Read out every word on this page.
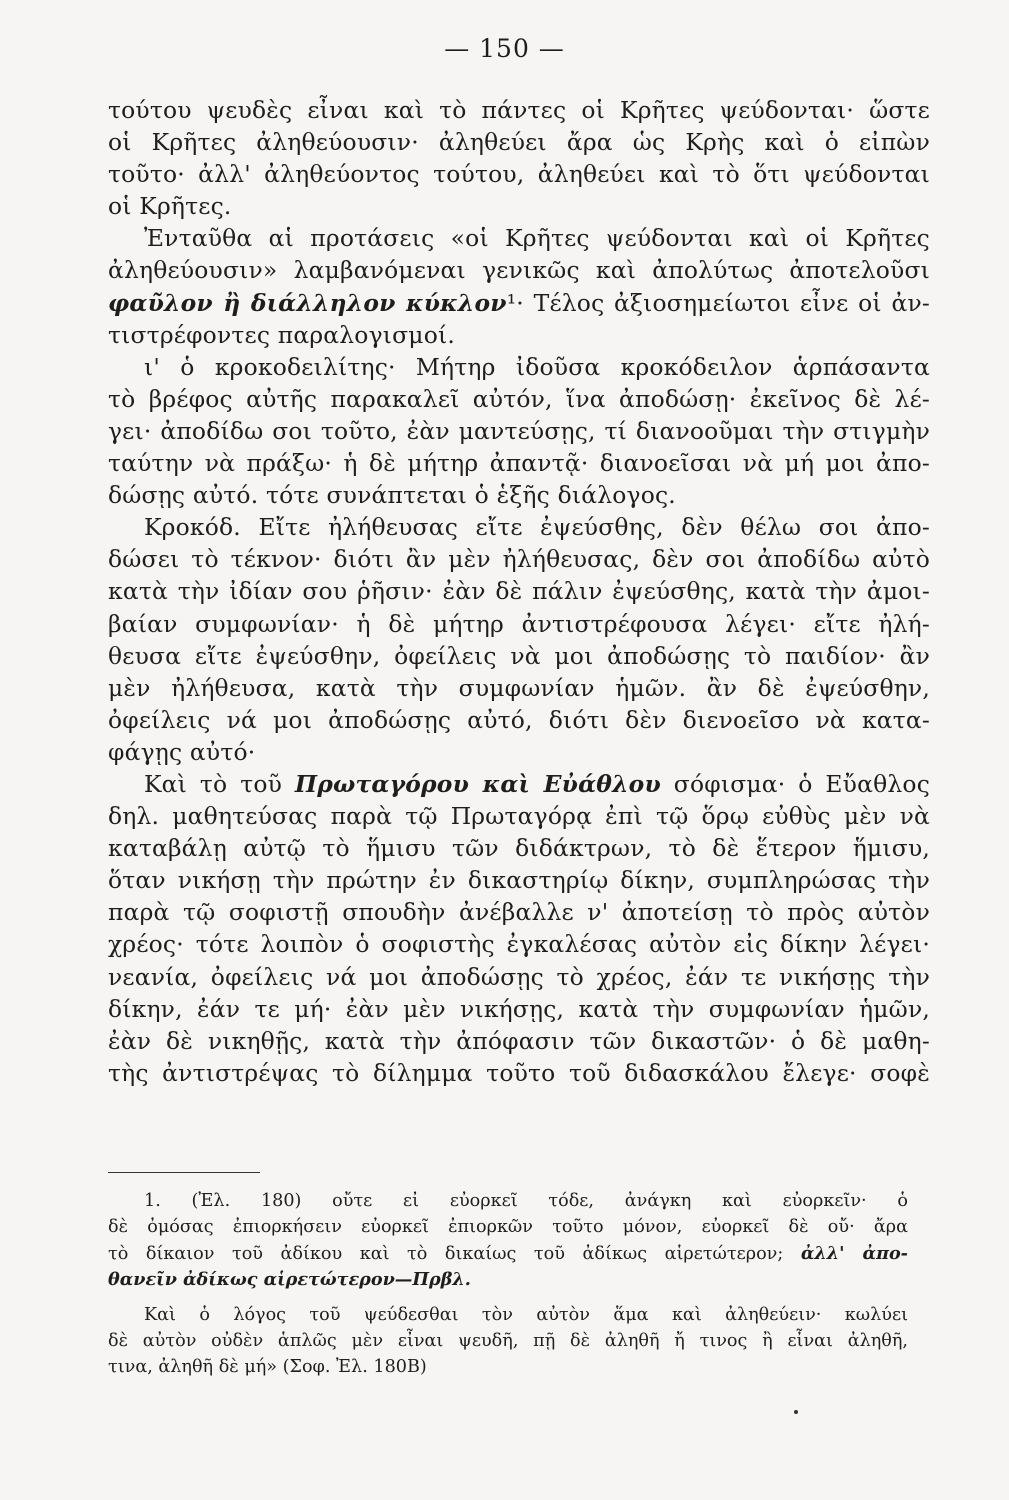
— 150 —
τούτου ψευδὲς εἶναι καὶ τὸ πάντες οἱ Κρῆτες ψεύδονται· ὥστε
οἱ Κρῆτες ἀληθεύουσιν· ἀληθεύει ἄρα ὡς Κρὴς καὶ ὁ εἰπὼν
τοῦτο· ἀλλ' ἀληθεύοντος τούτου, ἀληθεύει καὶ τὸ ὅτι ψεύδονται
οἱ Κρῆτες.
Ἐνταῦθα αἱ προτάσεις «οἱ Κρῆτες ψεύδονται καὶ οἱ Κρῆτες
ἀληθεύουσιν» λαμβανόμεναι γενικῶς καὶ ἀπολύτως ἀποτελοῦσι
φαῦλον ἢ διάλληλον κύκλον¹· Τέλος ἀξιοσημείωτοι εἶνε οἱ ἀν-
τιστρέφοντες παραλογισμοί.
ι' ὁ κροκοδειλίτης· Μήτηρ ἰδοῦσα κροκόδειλον ἁρπάσαντα
τὸ βρέφος αὐτῆς παρακαλεῖ αὐτόν, ἵνα ἀποδώσῃ· ἐκεῖνος δὲ λέ-
γει· ἀποδίδω σοι τοῦτο, ἐὰν μαντεύσῃς, τί διανοοῦμαι τὴν στιγμὴν
ταύτην νὰ πράξω· ἡ δὲ μήτηρ ἀπαντᾷ· διανοεῖσαι νὰ μή μοι ἀπο-
δώσῃς αὐτό. τότε συνάπτεται ὁ ἑξῆς διάλογος.
Κροκόδ. Εἴτε ἠλήθευσας εἴτε ἐψεύσθης, δὲν θέλω σοι ἀπο-
δώσει τὸ τέκνον· διότι ἂν μὲν ἠλήθευσας, δὲν σοι ἀποδίδω αὐτὸ
κατὰ τὴν ἰδίαν σου ῥῆσιν· ἐὰν δὲ πάλιν ἐψεύσθης, κατὰ τὴν ἀμοι-
βαίαν συμφωνίαν· ἡ δὲ μήτηρ ἀντιστρέφουσα λέγει· εἴτε ἠλή-
θευσα εἴτε ἐψεύσθην, ὀφείλεις νὰ μοι ἀποδώσῃς τὸ παιδίον· ἂν
μὲν ἠλήθευσα, κατὰ τὴν συμφωνίαν ἡμῶν. ἂν δὲ ἐψεύσθην,
ὀφείλεις νά μοι ἀποδώσῃς αὐτό, διότι δὲν διενοεῖσο νὰ κατα-
φάγῃς αὐτό·
Καὶ τὸ τοῦ Πρωταγόρου καὶ Εὐάθλου σόφισμα· ὁ Εὔαθλος
δηλ. μαθητεύσας παρὰ τῷ Πρωταγόρᾳ ἐπὶ τῷ ὅρῳ εὐθὺς μὲν νὰ
καταβάλῃ αὐτῷ τὸ ἥμισυ τῶν διδάκτρων, τὸ δὲ ἕτερον ἥμισυ,
ὅταν νικήσῃ τὴν πρώτην ἐν δικαστηρίῳ δίκην, συμπληρώσας τὴν
παρὰ τῷ σοφιστῇ σπουδὴν ἀνέβαλλε ν' ἀποτείσῃ τὸ πρὸς αὐτὸν
χρέος· τότε λοιπὸν ὁ σοφιστὴς ἐγκαλέσας αὐτὸν εἰς δίκην λέγει·
νεανία, ὀφείλεις νά μοι ἀποδώσῃς τὸ χρέος, ἐάν τε νικήσῃς τὴν
δίκην, ἐάν τε μή· ἐὰν μὲν νικήσῃς, κατὰ τὴν συμφωνίαν ἡμῶν,
ἐὰν δὲ νικηθῇς, κατὰ τὴν ἀπόφασιν τῶν δικαστῶν· ὁ δὲ μαθη-
τὴς ἀντιστρέψας τὸ δίλημμα τοῦτο τοῦ διδασκάλου ἔλεγε· σοφὲ
1. (Ἐλ. 180) οὔτε εἰ εὐορκεῖ τόδε, ἀνάγκη καὶ εὐορκεῖν· ὁ
δὲ ὀμόσας ἐπιορκήσειν εὐορκεῖ ἐπιορκῶν τοῦτο μόνον, εὐορκεῖ δὲ οὔ· ἄρα
τὸ δίκαιον τοῦ ἀδίκου καὶ τὸ δικαίως τοῦ ἀδίκως αἱρετώτερον; ἀλλ' ἀπο-
θανεῖν ἀδίκως αἱρετώτερον—Πρβλ.
Καὶ ὁ λόγος τοῦ ψεύδεσθαι τὸν αὐτὸν ἅμα καὶ ἀληθεύειν· κωλύει
δὲ αὐτὸν οὐδὲν ἁπλῶς μὲν εἶναι ψευδῆ, πῇ δὲ ἀληθῆ ἤ τινος ἢ εἶναι ἀληθῆ,
τινα, ἀληθῆ δὲ μή» (Σοφ. Ἐλ. 180Β)
